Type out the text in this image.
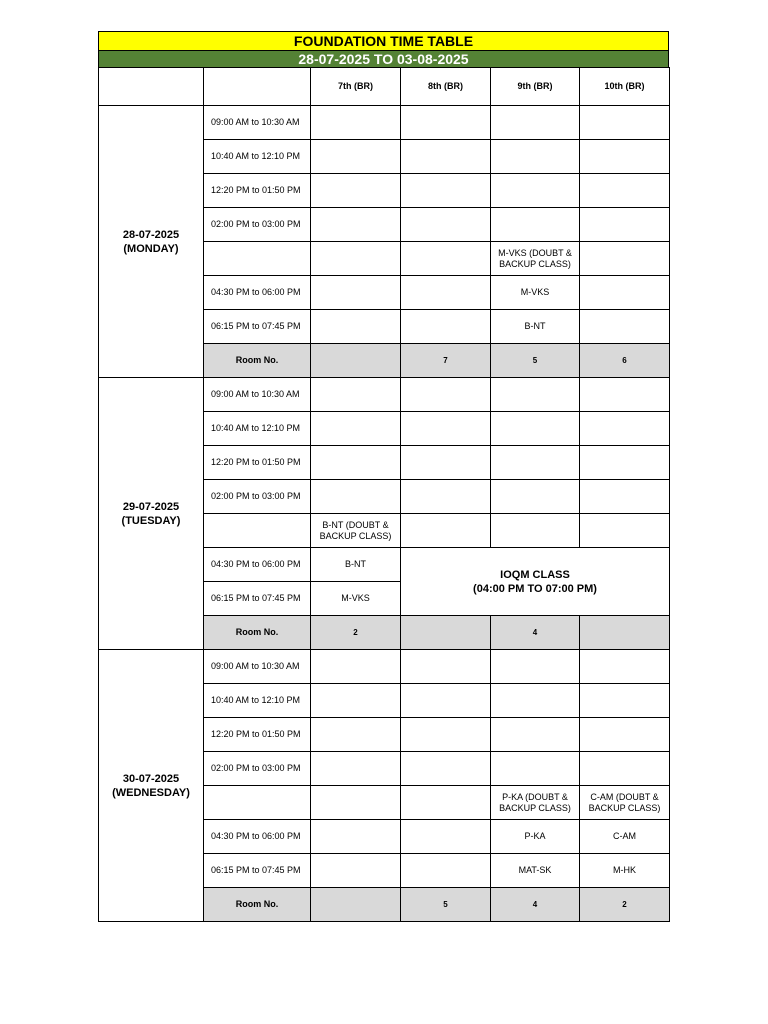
FOUNDATION TIME TABLE
28-07-2025 TO 03-08-2025
		7th (BR)	8th (BR)	9th (BR)	10th (BR)

28-07-2025
(MONDAY)	09:00 AM to 10:30 AM				
	10:40 AM to 12:10 PM				
	12:20 PM to 01:50 PM				
	02:00 PM to 03:00 PM				
				M-VKS (DOUBT & BACKUP CLASS)	
	04:30 PM to 06:00 PM			M-VKS	
	06:15 PM to 07:45 PM			B-NT	
	Room No.		7	5	6

29-07-2025
(TUESDAY)	09:00 AM to 10:30 AM				
	10:40 AM to 12:10 PM				
	12:20 PM to 01:50 PM				
	02:00 PM to 03:00 PM				
		B-NT (DOUBT & BACKUP CLASS)			
	04:30 PM to 06:00 PM	B-NT	IOQM CLASS
(04:00 PM TO 07:00 PM)		

	06:15 PM to 07:45 PM	M-VKS			
	Room No.	2		4	

30-07-2025
(WEDNESDAY)	09:00 AM to 10:30 AM				
	10:40 AM to 12:10 PM				
	12:20 PM to 01:50 PM				
	02:00 PM to 03:00 PM				
				P-KA (DOUBT & BACKUP CLASS)	C-AM (DOUBT & BACKUP CLASS)
	04:30 PM to 06:00 PM			P-KA	C-AM
	06:15 PM to 07:45 PM			MAT-SK	M-HK
	Room No.		5	4	2
